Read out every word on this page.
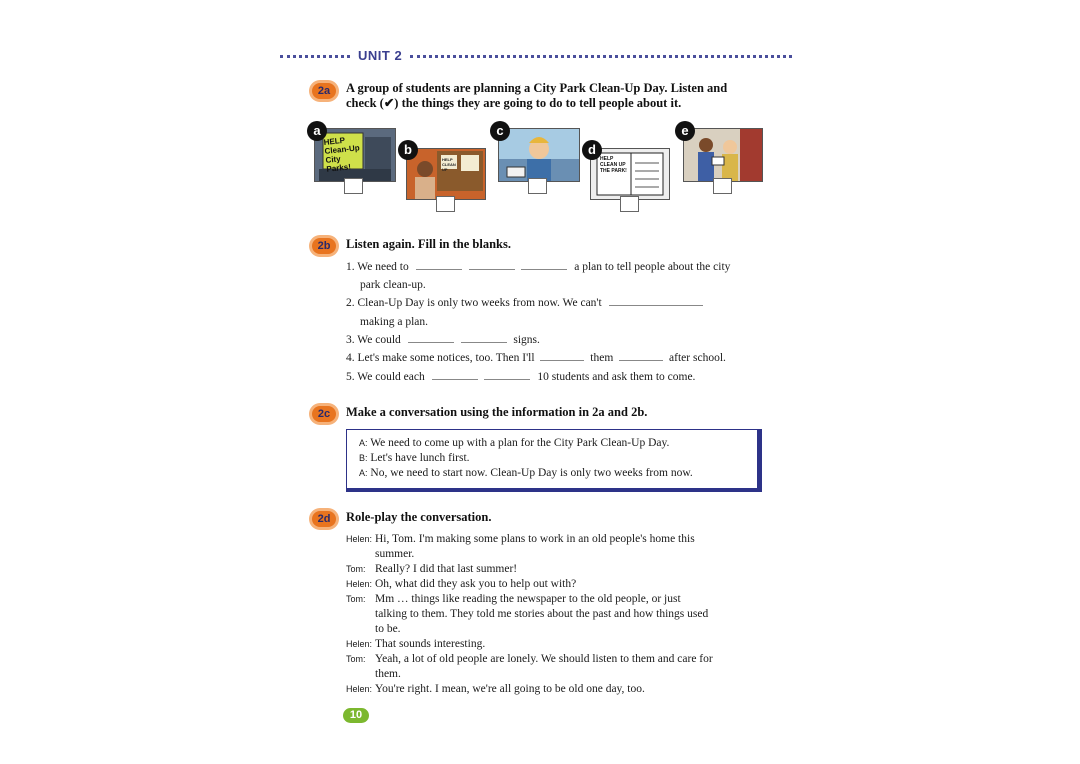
UNIT 2
2a	A group of students are planning a City Park Clean-Up Day. Listen and
check (✔) the things they are going to do to tell people about it.
a
HELP Clean-Up City Parks!
b
HELP CLEAN UP
c
d
HELP CLEAN UP THE PARK!
e
2b	Listen again. Fill in the blanks.
1. We need to	a plan to tell people about the city
park clean-up.
2. Clean-Up Day is only two weeks from now. We can't
making a plan.
3. We could	signs.
4. Let's make some notices, too. Then I'll	them	after school.
5. We could each	10 students and ask them to come.
2c	Make a conversation using the information in 2a and 2b.
A: We need to come up with a plan for the City Park Clean-Up Day.
B: Let's have lunch first.
A: No, we need to start now. Clean-Up Day is only two weeks from now.
2d	Role-play the conversation.
Helen: Hi, Tom. I'm making some plans to work in an old people's home this
summer.
Tom: Really? I did that last summer!
Helen: Oh, what did they ask you to help out with?
Tom: Mm … things like reading the newspaper to the old people, or just
talking to them. They told me stories about the past and how things used
to be.
Helen: That sounds interesting.
Tom: Yeah, a lot of old people are lonely. We should listen to them and care for
them.
Helen: You're right. I mean, we're all going to be old one day, too.
10
